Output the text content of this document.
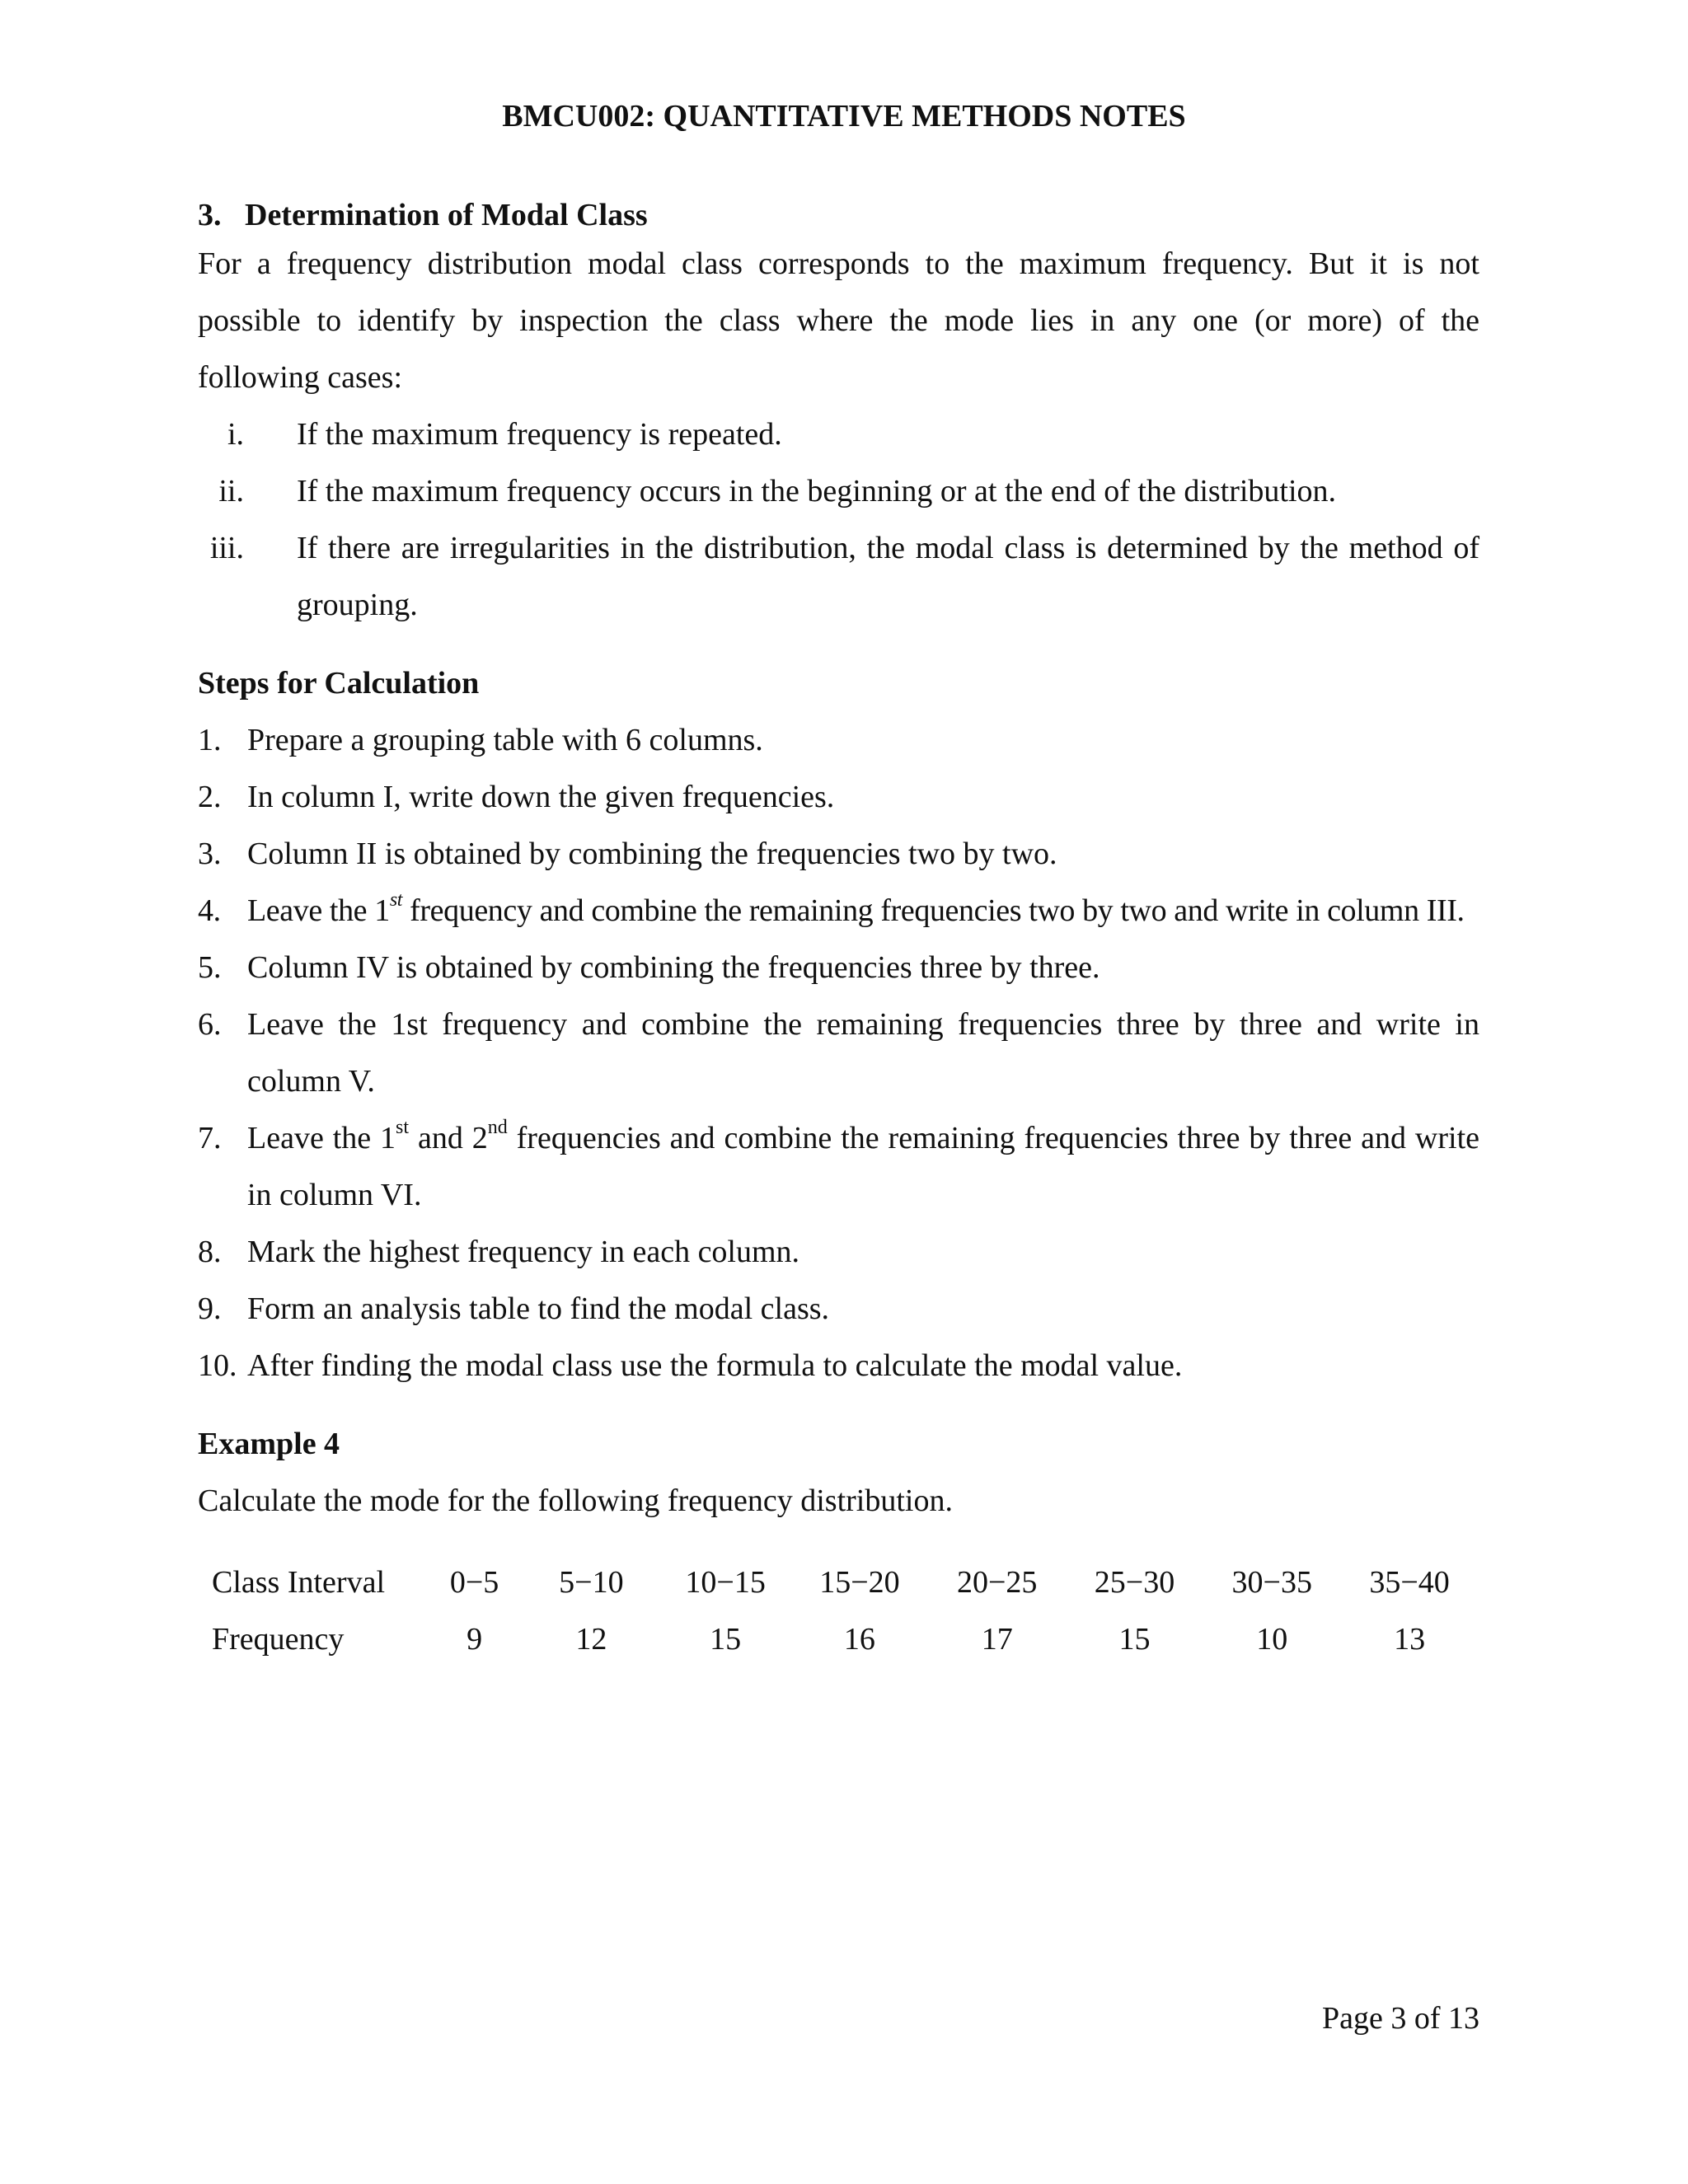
BMCU002: QUANTITATIVE METHODS NOTES
3.   Determination of Modal Class
For a frequency distribution modal class corresponds to the maximum frequency. But it is not
possible to identify by inspection the class where the mode lies in any one (or more) of the
following cases:
i. If the maximum frequency is repeated.
ii. If the maximum frequency occurs in the beginning or at the end of the distribution.
iii. If there are irregularities in the distribution, the modal class is determined by the method of grouping.
Steps for Calculation
1. Prepare a grouping table with 6 columns.
2. In column I, write down the given frequencies.
3. Column II is obtained by combining the frequencies two by two.
4. Leave the 1st frequency and combine the remaining frequencies two by two and write in column III.
5. Column IV is obtained by combining the frequencies three by three.
6. Leave the 1st frequency and combine the remaining frequencies three by three and write in column V.
7. Leave the 1st and 2nd frequencies and combine the remaining frequencies three by three and write in column VI.
8. Mark the highest frequency in each column.
9. Form an analysis table to find the modal class.
10. After finding the modal class use the formula to calculate the modal value.
Example 4
Calculate the mode for the following frequency distribution.
Class Interval	0−5	5−10	10−15	15−20	20−25	25−30	30−35	35−40
Frequency	9	12	15	16	17	15	10	13
Page 3 of 13
